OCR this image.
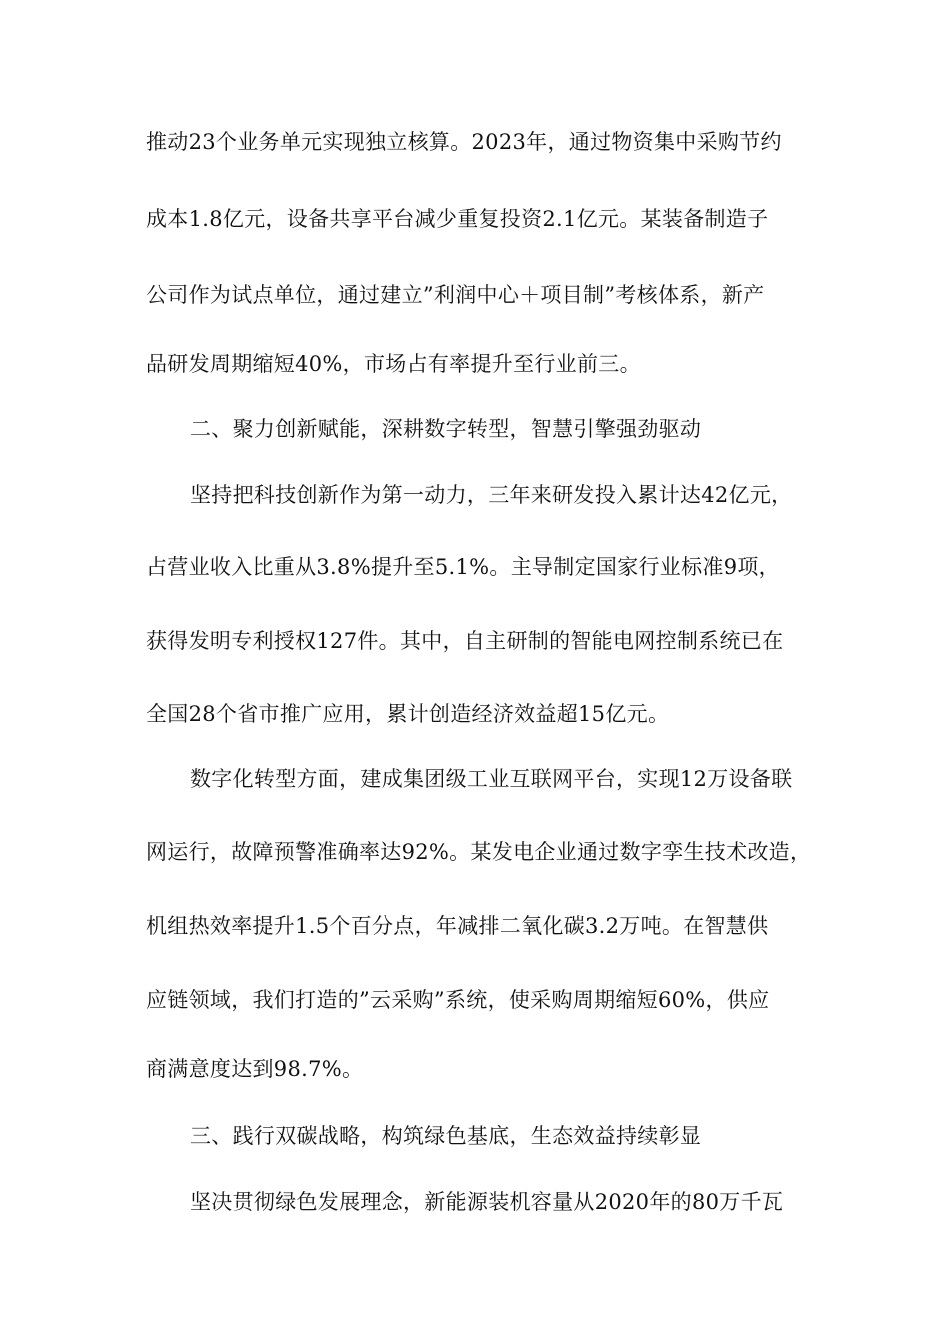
推动23个业务单元实现独立核算。2023年，通过物资集中采购节约
成本1.8亿元，设备共享平台减少重复投资2.1亿元。某装备制造子
公司作为试点单位，通过建立”利润中心＋项目制”考核体系，新产
品研发周期缩短40%，市场占有率提升至行业前三。
二、聚力创新赋能，深耕数字转型，智慧引擎强劲驱动
坚持把科技创新作为第一动力，三年来研发投入累计达42亿元，
占营业收入比重从3.8%提升至5.1%。主导制定国家行业标准9项，
获得发明专利授权127件。其中，自主研制的智能电网控制系统已在
全国28个省市推广应用，累计创造经济效益超15亿元。
数字化转型方面，建成集团级工业互联网平台，实现12万设备联
网运行，故障预警准确率达92%。某发电企业通过数字孪生技术改造，
机组热效率提升1.5个百分点，年减排二氧化碳3.2万吨。在智慧供
应链领域，我们打造的”云采购”系统，使采购周期缩短60%，供应
商满意度达到98.7%。
三、践行双碳战略，构筑绿色基底，生态效益持续彰显
坚决贯彻绿色发展理念，新能源装机容量从2020年的80万千瓦
